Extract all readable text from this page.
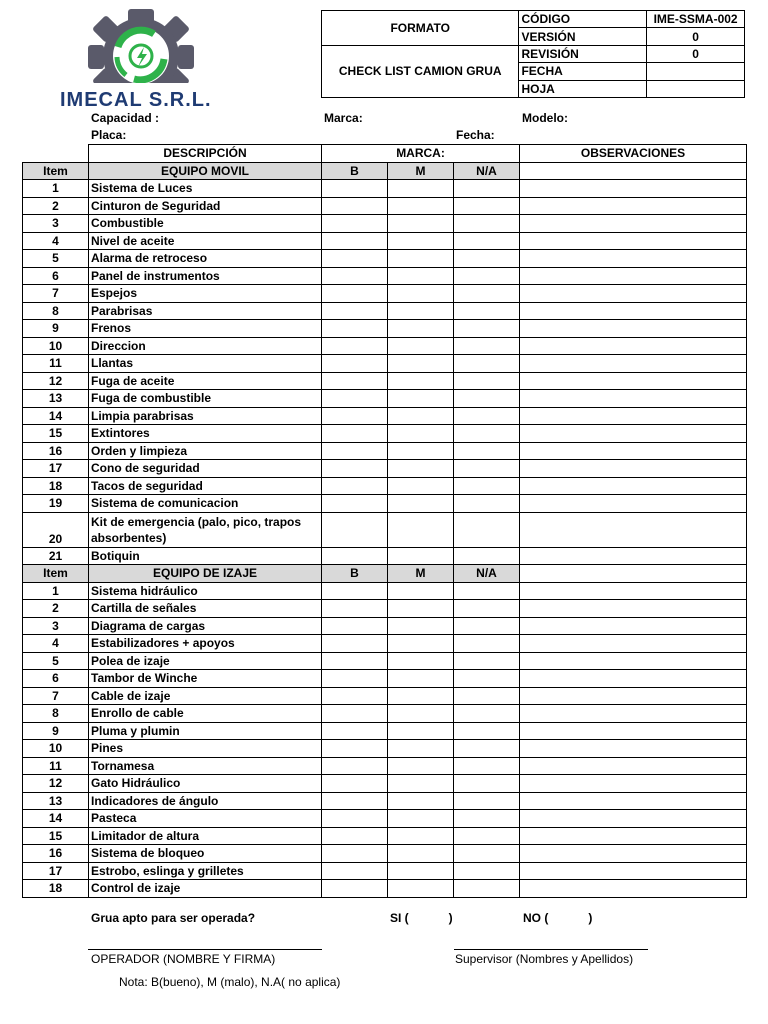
IMECAL S.R.L.
FORMATO	CÓDIGO	IME-SSMA-002
	VERSIÓN	0
CHECK LIST CAMION GRUA	REVISIÓN	0
	FECHA	
	HOJA	
Capacidad :	Marca:	Modelo:
Placa:	Fecha:
	DESCRIPCIÓN	MARCA:			OBSERVACIONES
Item	EQUIPO MOVIL	B	M	N/A	
1	Sistema de Luces				
2	Cinturon de Seguridad				
3	Combustible				
4	Nivel de aceite				
5	Alarma de retroceso				
6	Panel de instrumentos				
7	Espejos				
8	Parabrisas				
9	Frenos				
10	Direccion				
11	Llantas				
12	Fuga de aceite				
13	Fuga de combustible				
14	Limpia parabrisas				
15	Extintores				
16	Orden y limpieza				
17	Cono de seguridad				
18	Tacos de seguridad				
19	Sistema de comunicacion				
20	Kit de emergencia (palo, pico, trapos absorbentes)				
21	Botiquin				
Item	EQUIPO DE IZAJE	B	M	N/A	
1	Sistema hidráulico				
2	Cartilla de señales				
3	Diagrama de cargas				
4	Estabilizadores + apoyos				
5	Polea de izaje				
6	Tambor de Winche				
7	Cable de izaje				
8	Enrollo de cable				
9	Pluma y plumin				
10	Pines				
11	Tornamesa				
12	Gato Hidráulico				
13	Indicadores de ángulo				
14	Pasteca				
15	Limitador de altura				
16	Sistema de bloqueo				
17	Estrobo, eslinga y grilletes				
18	Control de izaje				
Grua apto para ser operada?	SI (            )	NO (            )
OPERADOR (NOMBRE Y FIRMA)	Supervisor (Nombres y Apellidos)
Nota: B(bueno), M (malo), N.A( no aplica)
